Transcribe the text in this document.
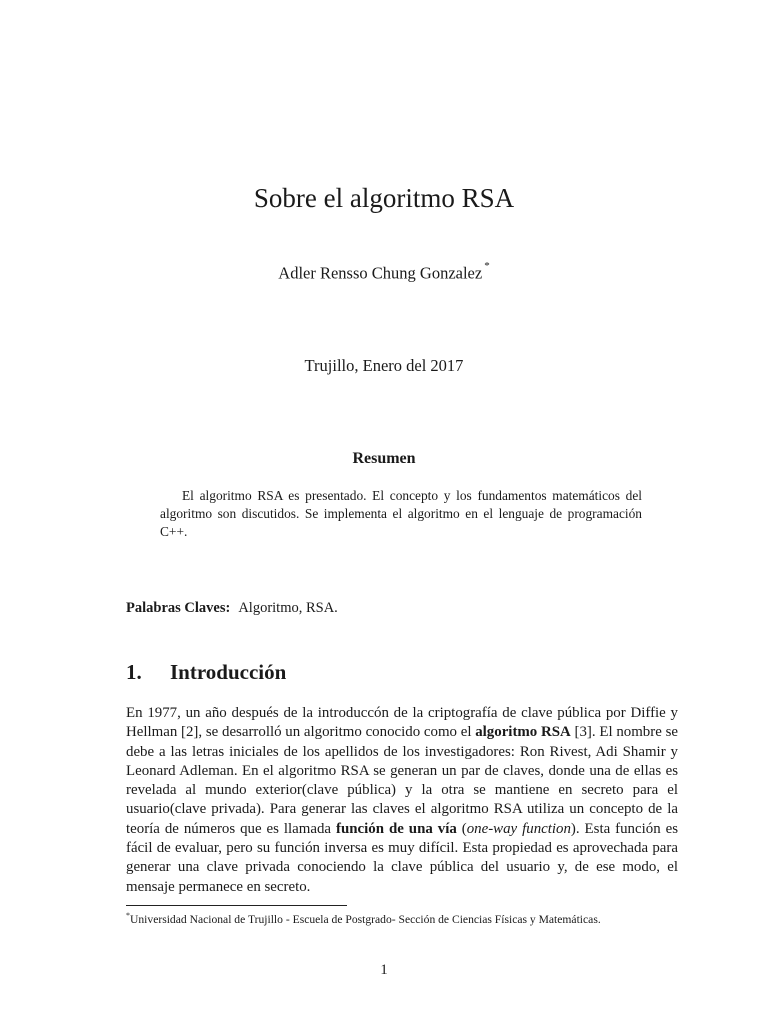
Sobre el algoritmo RSA
Adler Rensso Chung Gonzalez *
Trujillo, Enero del 2017
Resumen
El algoritmo RSA es presentado. El concepto y los fundamentos matemáticos del algoritmo son discutidos. Se implementa el algoritmo en el lenguaje de programación C++.
Palabras Claves: Algoritmo, RSA.
1. Introducción
En 1977, un año después de la introduccón de la criptografía de clave pública por Diffie y Hellman [2], se desarrolló un algoritmo conocido como el algoritmo RSA [3]. El nombre se debe a las letras iniciales de los apellidos de los investigadores: Ron Rivest, Adi Shamir y Leonard Adleman. En el algoritmo RSA se generan un par de claves, donde una de ellas es revelada al mundo exterior(clave pública) y la otra se mantiene en secreto para el usuario(clave privada). Para generar las claves el algoritmo RSA utiliza un concepto de la teoría de números que es llamada función de una vía (one-way function). Esta función es fácil de evaluar, pero su función inversa es muy difícil. Esta propiedad es aprovechada para generar una clave privada conociendo la clave pública del usuario y, de ese modo, el mensaje permanece en secreto.
*Universidad Nacional de Trujillo - Escuela de Postgrado- Sección de Ciencias Físicas y Matemáticas.
1
